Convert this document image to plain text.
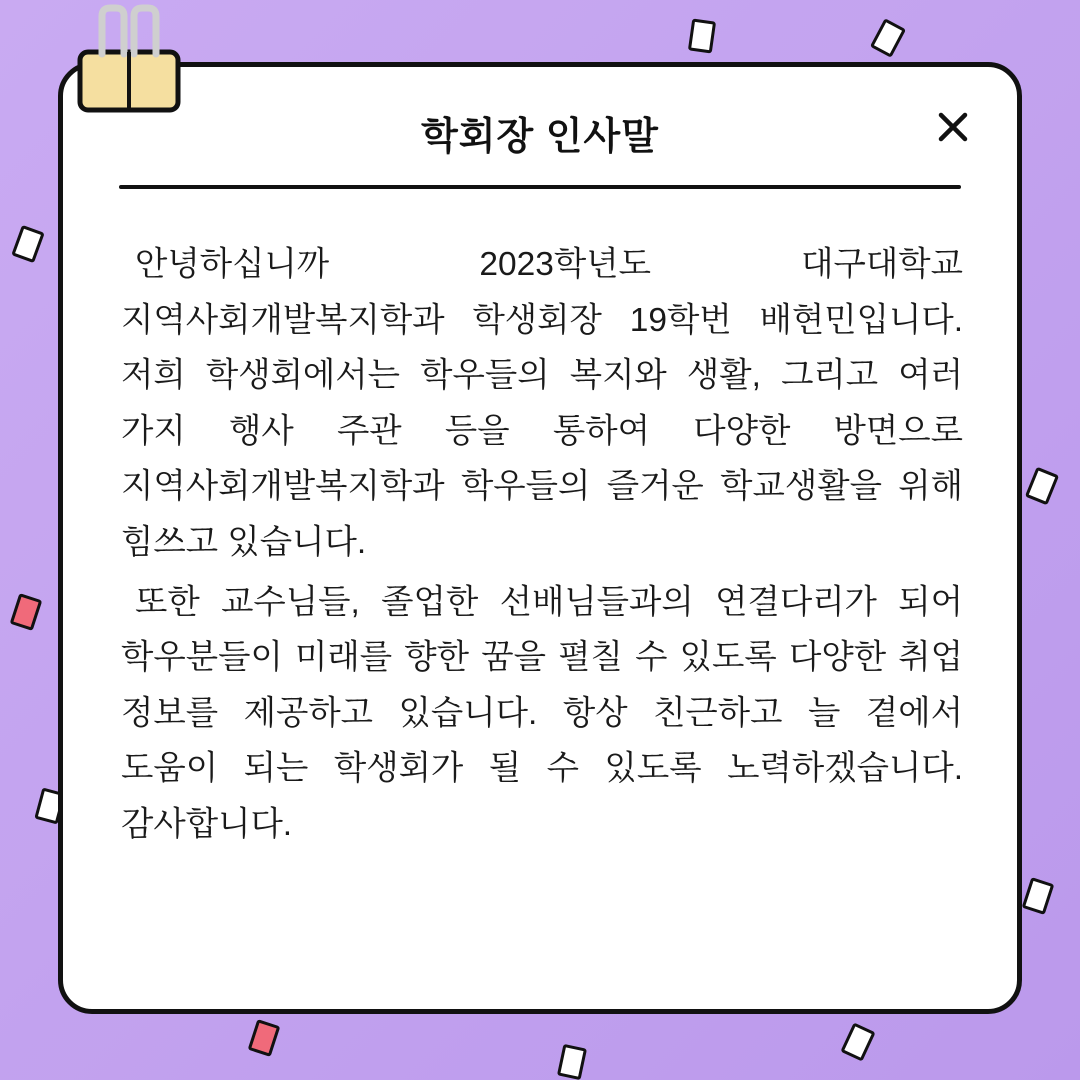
학회장 인사말

안녕하십니까 2023학년도 대구대학교 지역사회개발복지학과 학생회장 19학번 배현민입니다. 저희 학생회에서는 학우들의 복지와 생활, 그리고 여러 가지 행사 주관 등을 통하여 다양한 방면으로 지역사회개발복지학과 학우들의 즐거운 학교생활을 위해 힘쓰고 있습니다.

또한 교수님들, 졸업한 선배님들과의 연결다리가 되어 학우분들이 미래를 향한 꿈을 펼칠 수 있도록 다양한 취업 정보를 제공하고 있습니다. 항상 친근하고 늘 곁에서 도움이 되는 학생회가 될 수 있도록 노력하겠습니다. 감사합니다.
